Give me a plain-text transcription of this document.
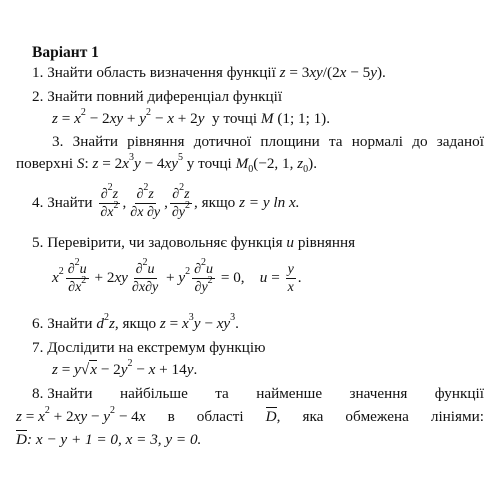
Варіант 1
1. Знайти область визначення функції z = 3xy/(2x − 5y).
2. Знайти повний диференціал функції
$z = x^2 - 2xy + y^2 - x + 2y$ у точці M (1; 1; 1).
3. Знайти рівняння дотичної площини та нормалі до заданої
поверхні S: $z = 2x^3y - 4xy^5$ у точці $M_0(-2$, 1, $z_0$).
4. Знайти $\frac{\partial^2z}{\partial x^2}$ , $\frac{\partial^2z}{\partial x \partial y}$ , $\frac{\partial^2z}{\partial y^2}$ , якщо z = y ln x.
5. Перевірити, чи задовольняє функція u рівняння
$x^2 \frac{\partial^2u}{\partial x^2} + 2xy \frac{\partial^2u}{\partial x\partial y} + y^2 \frac{\partial^2u}{\partial y^2} = 0$,    $u = \frac{y}{x}$ .
6. Знайти $d^2z$, якщо $z = x^3y - xy^3$.
7. Дослідити на екстремум функцію
$z = y√x - 2y^2 - x + 14y$.
8. Знайти найбільше та найменше значення функції
$z = x^2 + 2xy - y^2 - 4x$ в області D, яка обмежена лініями:
D: x − y + 1 = 0, x = 3, y = 0.
